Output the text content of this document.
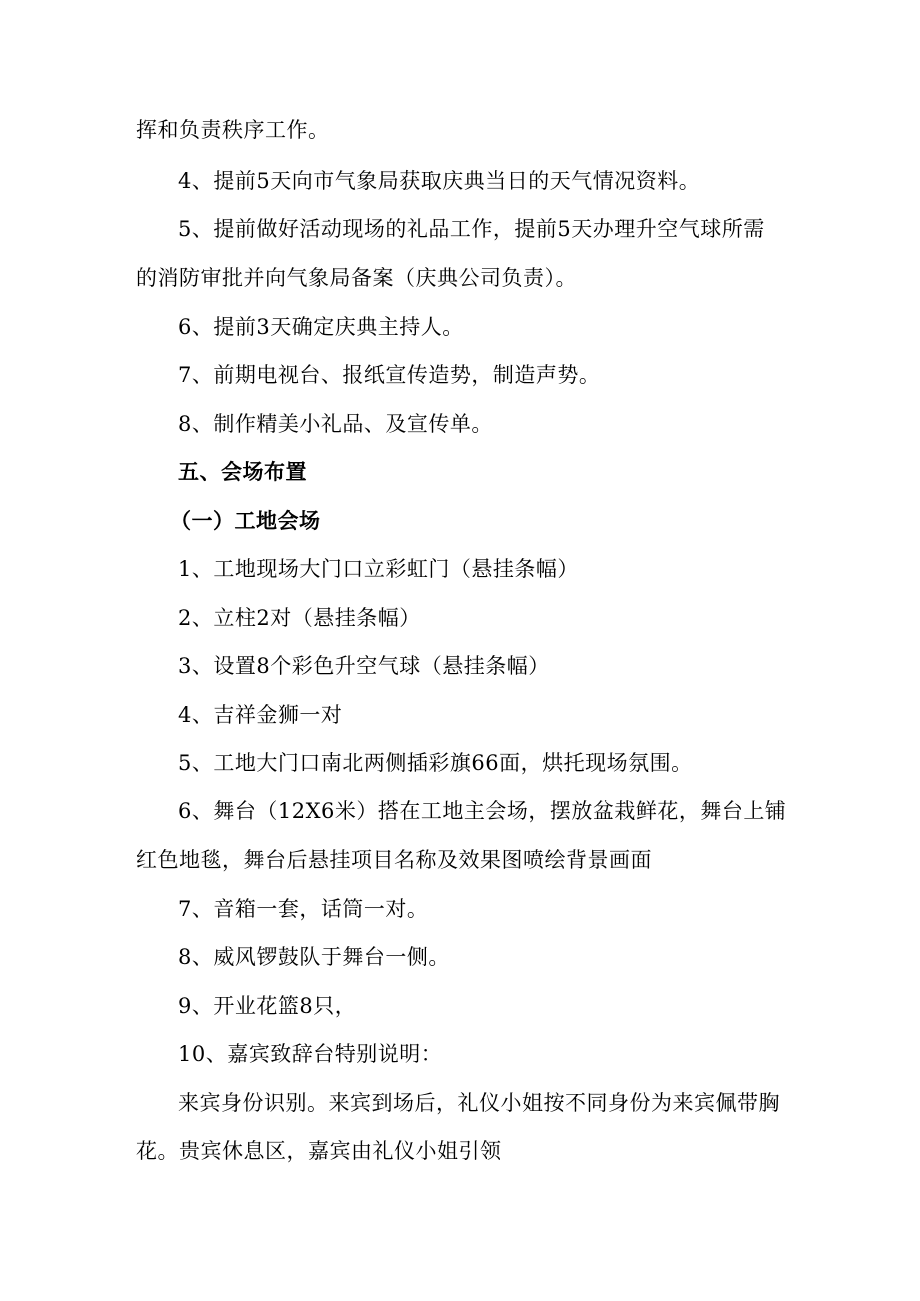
挥和负责秩序工作。
4、提前5天向市气象局获取庆典当日的天气情况资料。
5、提前做好活动现场的礼品工作，提前5天办理升空气球所需
的消防审批并向气象局备案（庆典公司负责）。
6、提前3天确定庆典主持人。
7、前期电视台、报纸宣传造势，制造声势。
8、制作精美小礼品、及宣传单。
五、会场布置
（一）工地会场
1、工地现场大门口立彩虹门（悬挂条幅）
2、立柱2对（悬挂条幅）
3、设置8个彩色升空气球（悬挂条幅）
4、吉祥金狮一对
5、工地大门口南北两侧插彩旗66面，烘托现场氛围。
6、舞台（12X6米）搭在工地主会场，摆放盆栽鲜花，舞台上铺
红色地毯，舞台后悬挂项目名称及效果图喷绘背景画面
7、音箱一套，话筒一对。
8、威风锣鼓队于舞台一侧。
9、开业花篮8只，
10、嘉宾致辞台特别说明：
来宾身份识别。来宾到场后，礼仪小姐按不同身份为来宾佩带胸
花。贵宾休息区，嘉宾由礼仪小姐引领
